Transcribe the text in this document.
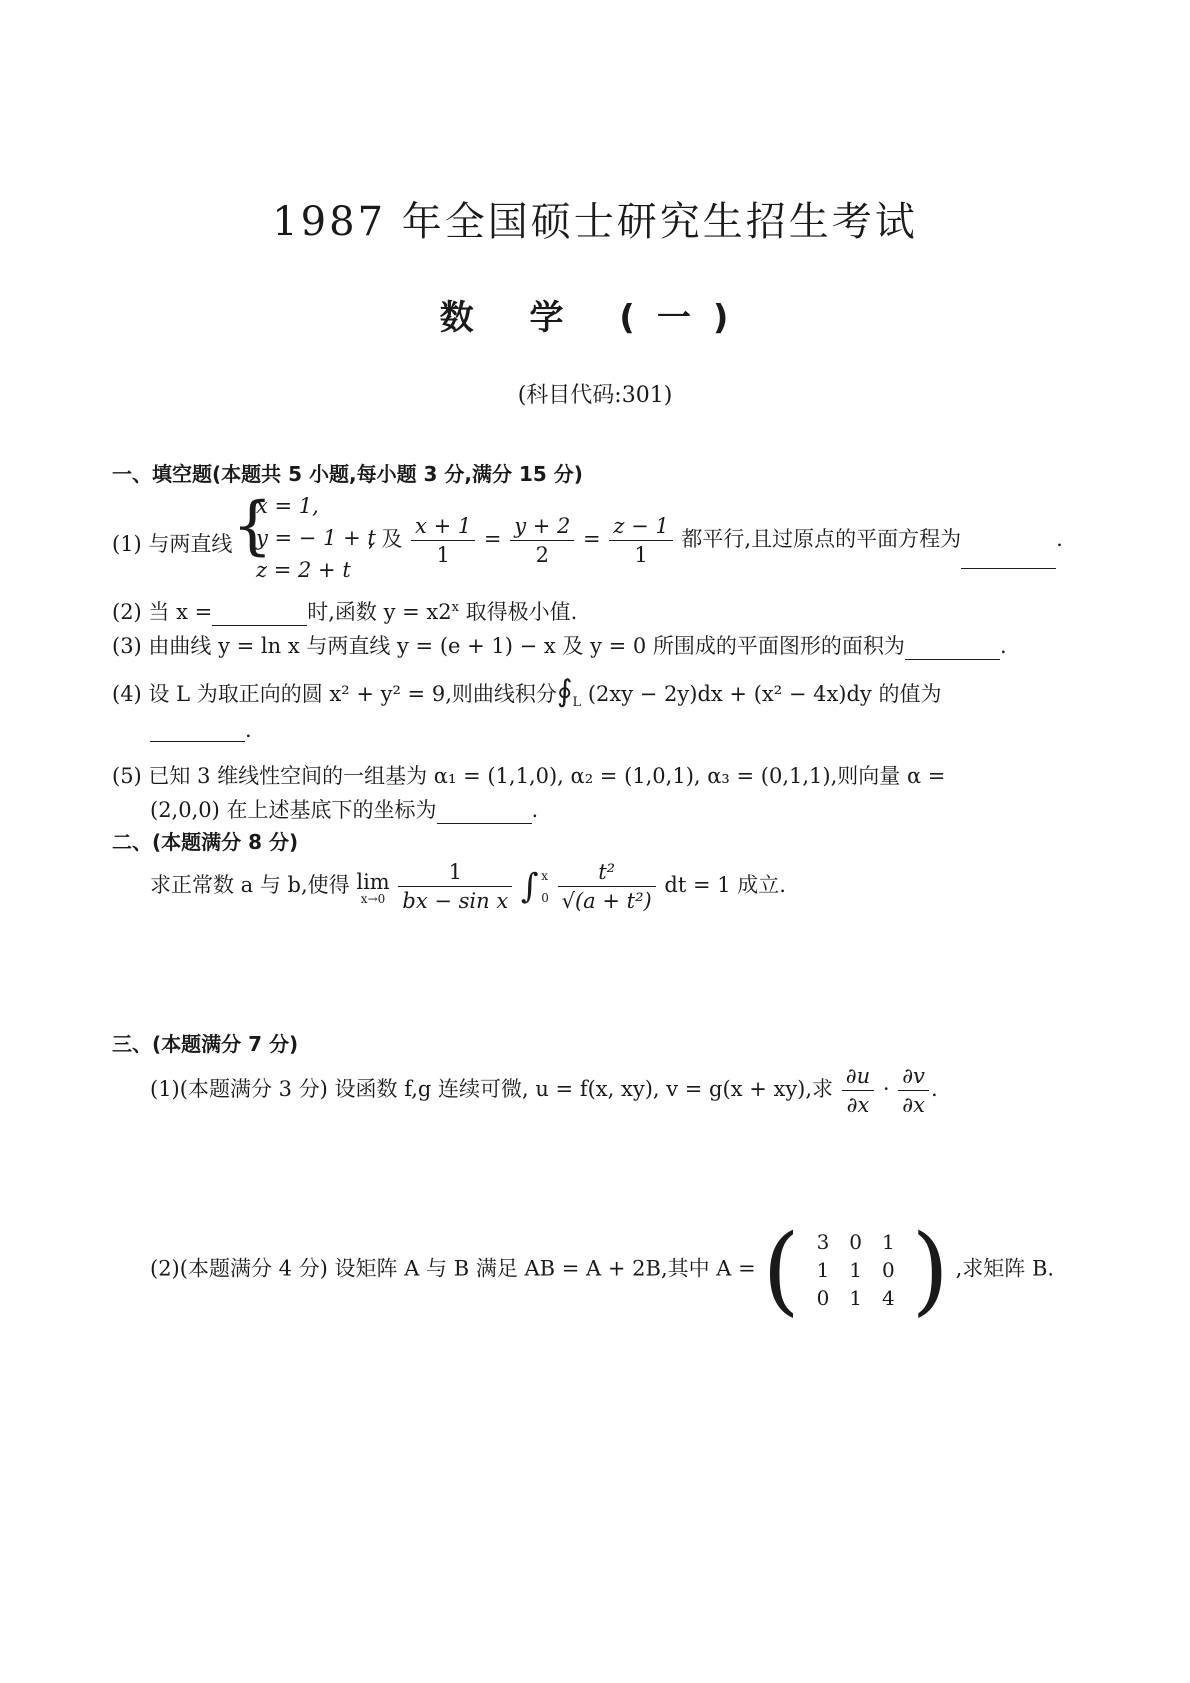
1987 年全国硕士研究生招生考试
数 学 (一)
(科目代码:301)
一、填空题(本题共 5 小题,每小题 3 分,满分 15 分)
(1) 与两直线 {
x = 1,
y = − 1 + t
z = 2 + t
, 及 $\frac{x + 1}{1} = \frac{y + 2}{2} = \frac{z - 1}{1}$ 都平行,且过原点的平面方程为	.
(2) 当 x =	时,函数 $y = x2^x$ 取得极小值.
(3) 由曲线 y = ln x 与两直线 y = (e + 1) − x 及 y = 0 所围成的平面图形的面积为	.
(4) 设 L 为取正向的圆 x² + y² = 9,则曲线积分$∮_L$ (2xy − 2y)dx + (x² − 4x)dy 的值为
.
(5) 已知 3 维线性空间的一组基为 α₁ = (1,1,0), α₂ = (1,0,1), α₃ = (0,1,1),则向量 α =
(2,0,0) 在上述基底下的坐标为	.
二、(本题满分 8 分)
求正常数 a 与 b,使得 lim
x→0
$\frac{1}{\text{bx − sin x}}$ ∫ x
0
$\frac{\text{t²}}{\text{√(a + t²)}}$ dt = 1 成立.
三、(本题满分 7 分)
(1)(本题满分 3 分) 设函数 f,g 连续可微, u = f(x, xy), v = g(x + xy),求 $\frac{\partial u}{\partial x} \cdot \frac{\partial v}{\partial x}$ .
(2)(本题满分 4 分) 设矩阵 A 与 B 满足 AB = A + 2B,其中 A = ( 3	0	1
1	1	0
0	1	4 ) ,求矩阵 B.
